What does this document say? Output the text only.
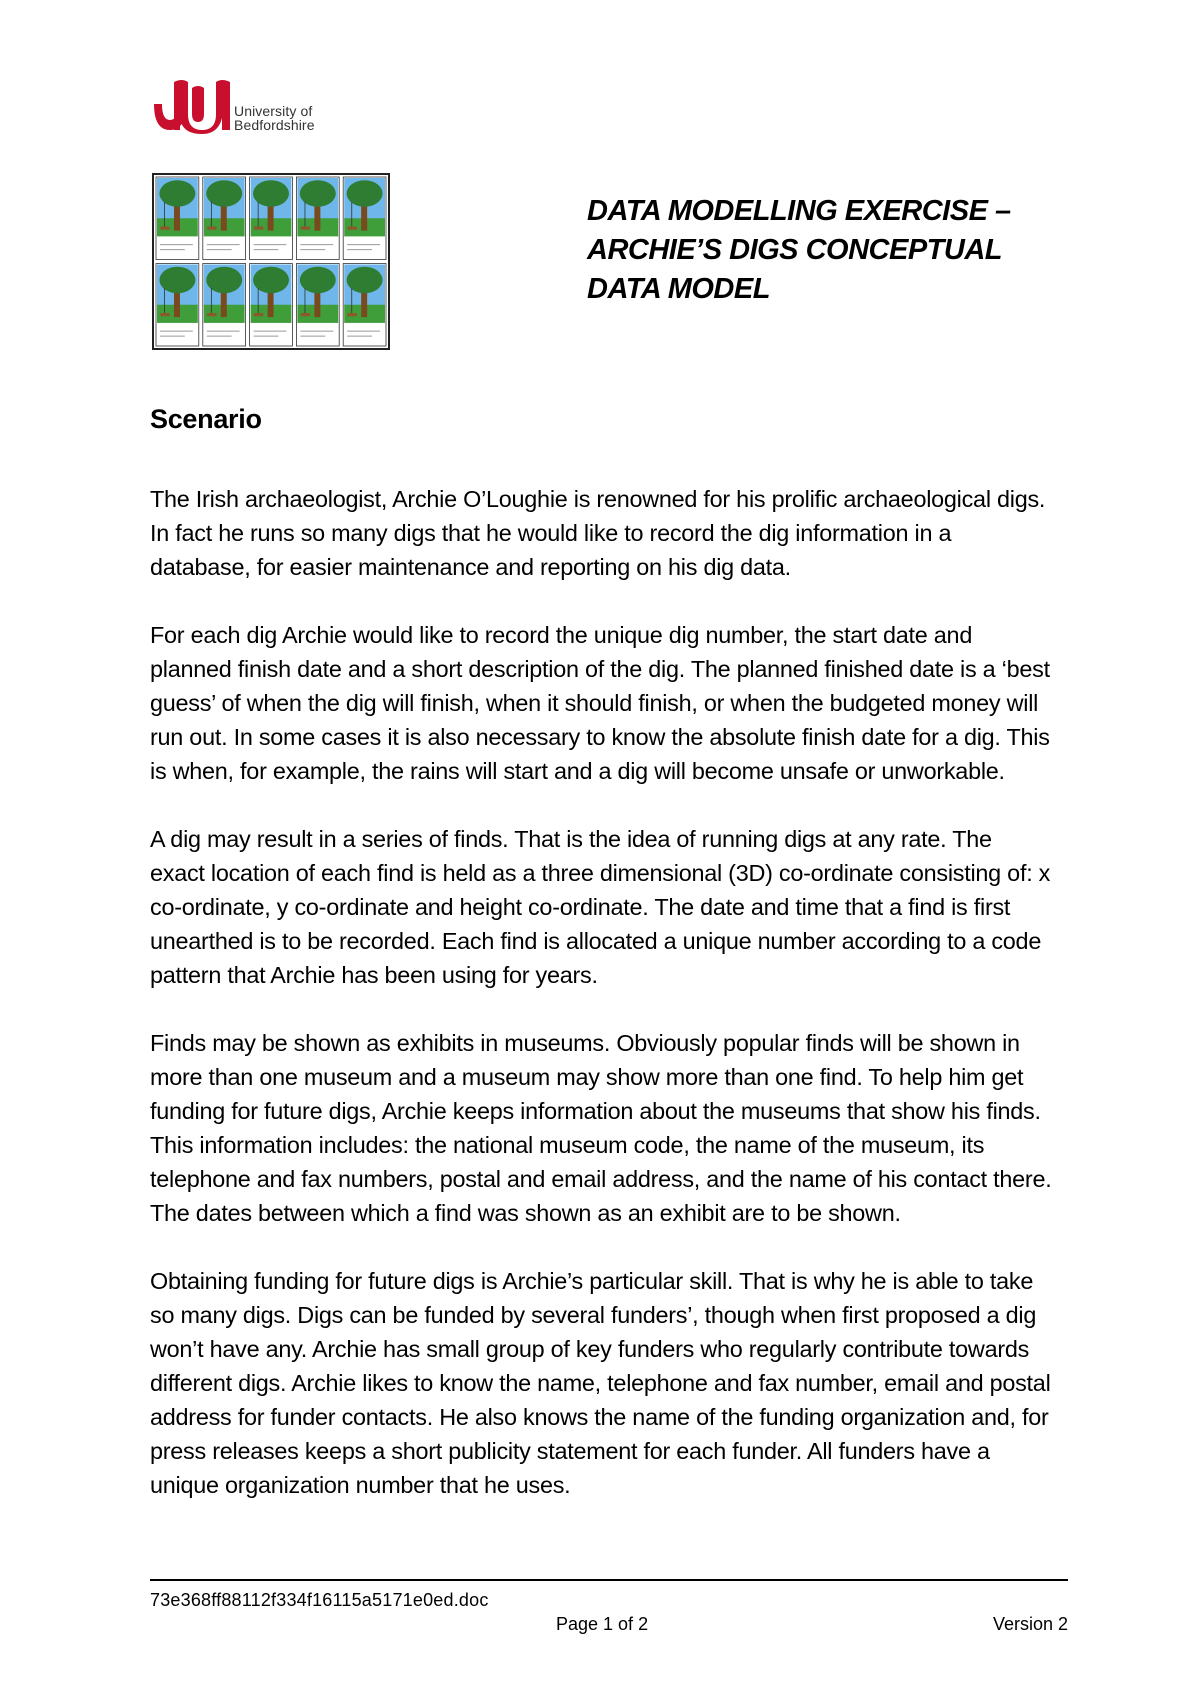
University of
Bedfordshire
DATA MODELLING EXERCISE –
ARCHIE’S DIGS CONCEPTUAL
DATA MODEL
Scenario
The Irish archaeologist, Archie O’Loughie is renowned for his prolific archaeological digs.
In fact he runs so many digs that he would like to record the dig information in a
database, for easier maintenance and reporting on his dig data.
For each dig Archie would like to record the unique dig number, the start date and
planned finish date and a short description of the dig. The planned finished date is a ‘best
guess’ of when the dig will finish, when it should finish, or when the budgeted money will
run out. In some cases it is also necessary to know the absolute finish date for a dig. This
is when, for example, the rains will start and a dig will become unsafe or unworkable.
A dig may result in a series of finds. That is the idea of running digs at any rate. The
exact location of each find is held as a three dimensional (3D) co-ordinate consisting of: x
co-ordinate, y co-ordinate and height co-ordinate. The date and time that a find is first
unearthed is to be recorded. Each find is allocated a unique number according to a code
pattern that Archie has been using for years.
Finds may be shown as exhibits in museums. Obviously popular finds will be shown in
more than one museum and a museum may show more than one find. To help him get
funding for future digs, Archie keeps information about the museums that show his finds.
This information includes: the national museum code, the name of the museum, its
telephone and fax numbers, postal and email address, and the name of his contact there.
The dates between which a find was shown as an exhibit are to be shown.
Obtaining funding for future digs is Archie’s particular skill. That is why he is able to take
so many digs. Digs can be funded by several funders’, though when first proposed a dig
won’t have any. Archie has small group of key funders who regularly contribute towards
different digs. Archie likes to know the name, telephone and fax number, email and postal
address for funder contacts. He also knows the name of the funding organization and, for
press releases keeps a short publicity statement for each funder. All funders have a
unique organization number that he uses.
73e368ff88112f334f16115a5171e0ed.doc
Page 1 of 2	Version 2
